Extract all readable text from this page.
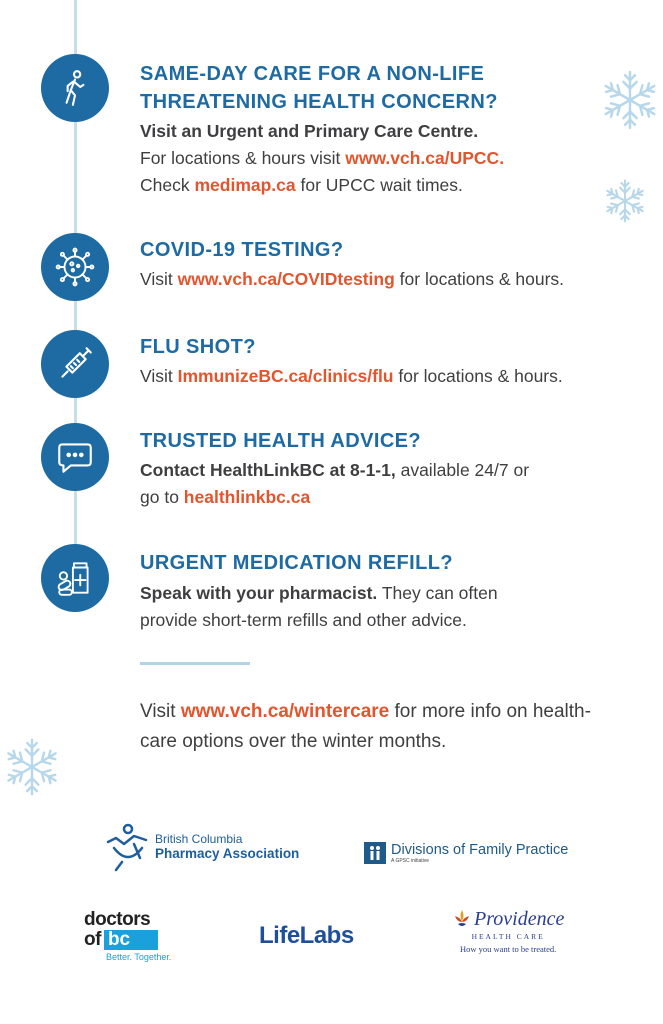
SAME-DAY CARE FOR A NON-LIFE
THREATENING HEALTH CONCERN?
Visit an Urgent and Primary Care Centre.
For locations & hours visit www.vch.ca/UPCC.
Check medimap.ca for UPCC wait times.
COVID-19 TESTING?
Visit www.vch.ca/COVIDtesting for locations & hours.
FLU SHOT?
Visit ImmunizeBC.ca/clinics/flu for locations & hours.
TRUSTED HEALTH ADVICE?
Contact HealthLinkBC at 8-1-1, available 24/7 or
go to healthlinkbc.ca
URGENT MEDICATION REFILL?
Speak with your pharmacist. They can often
provide short-term refills and other advice.
Visit www.vch.ca/wintercare for more info on health-care options over the winter months.
British Columbia
Pharmacy Association	Divisions of Family Practice
A GPSC initiative
doctors
of bc
Better. Together.
LifeLabs
Providence
HEALTH CARE
How you want to be treated.
